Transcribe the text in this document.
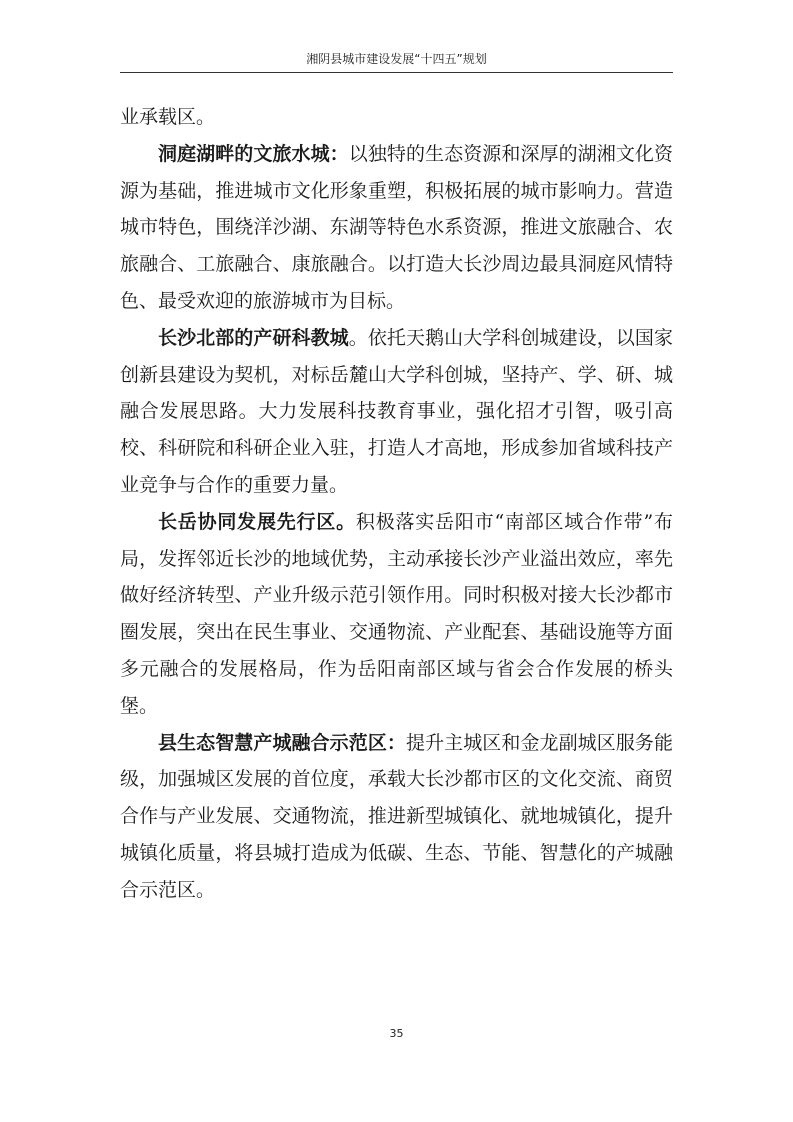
湘阴县城市建设发展“十四五”规划

业承载区。

洞庭湖畔的文旅水城：以独特的生态资源和深厚的湖湘文化资源为基础，推进城市文化形象重塑，积极拓展的城市影响力。营造城市特色，围绕洋沙湖、东湖等特色水系资源，推进文旅融合、农旅融合、工旅融合、康旅融合。以打造大长沙周边最具洞庭风情特色、最受欢迎的旅游城市为目标。

长沙北部的产研科教城。依托天鹅山大学科创城建设，以国家创新县建设为契机，对标岳麓山大学科创城，坚持产、学、研、城融合发展思路。大力发展科技教育事业，强化招才引智，吸引高校、科研院和科研企业入驻，打造人才高地，形成参加省域科技产业竞争与合作的重要力量。

长岳协同发展先行区。积极落实岳阳市“南部区域合作带”布局，发挥邻近长沙的地域优势，主动承接长沙产业溢出效应，率先做好经济转型、产业升级示范引领作用。同时积极对接大长沙都市圈发展，突出在民生事业、交通物流、产业配套、基础设施等方面多元融合的发展格局，作为岳阳南部区域与省会合作发展的桥头堡。

县生态智慧产城融合示范区：提升主城区和金龙副城区服务能级，加强城区发展的首位度，承载大长沙都市区的文化交流、商贸合作与产业发展、交通物流，推进新型城镇化、就地城镇化，提升城镇化质量，将县城打造成为低碳、生态、节能、智慧化的产城融合示范区。

35
